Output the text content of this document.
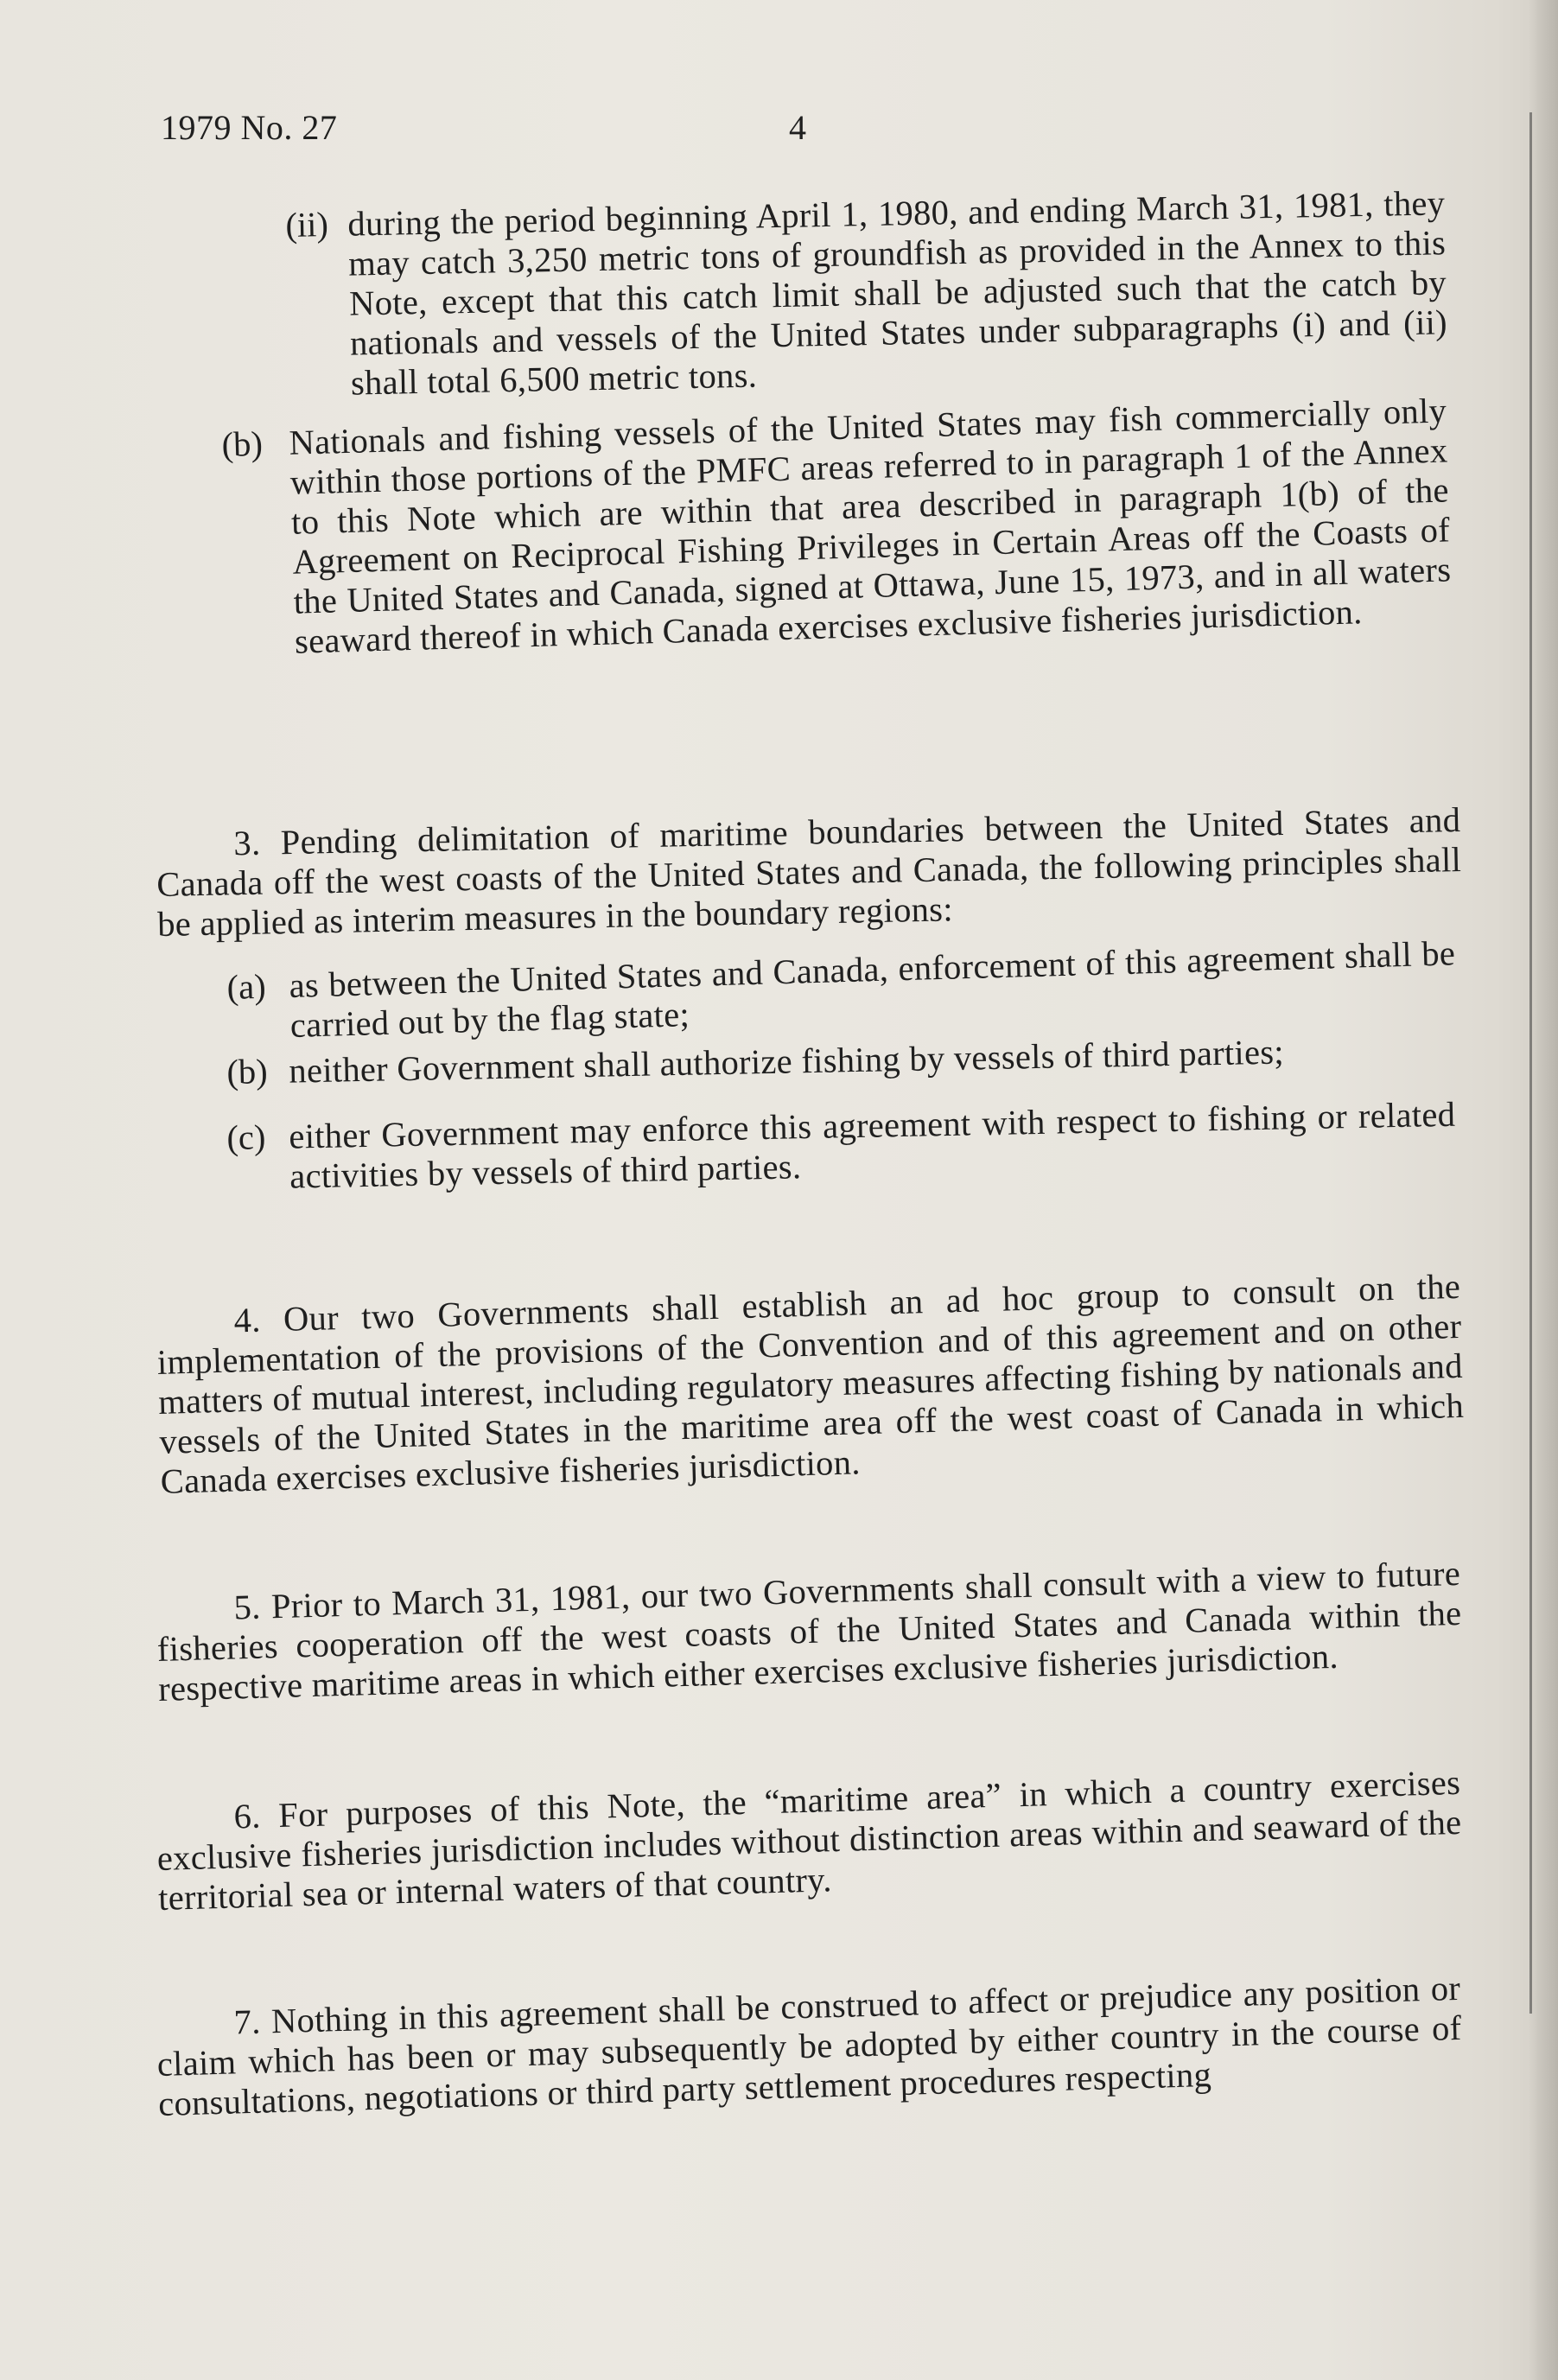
1979 No. 27	4
(ii) during the period beginning April 1, 1980, and ending March 31, 1981, they may catch 3,250 metric tons of groundfish as provided in the Annex to this Note, except that this catch limit shall be adjusted such that the catch by nationals and vessels of the United States under subparagraphs (i) and (ii) shall total 6,500 metric tons.
(b) Nationals and fishing vessels of the United States may fish commercially only within those portions of the PMFC areas referred to in paragraph 1 of the Annex to this Note which are within that area described in paragraph 1(b) of the Agreement on Reciprocal Fishing Privileges in Certain Areas off the Coasts of the United States and Canada, signed at Ottawa, June 15, 1973, and in all waters seaward thereof in which Canada exercises exclusive fisheries jurisdiction.
3. Pending delimitation of maritime boundaries between the United States and Canada off the west coasts of the United States and Canada, the following principles shall be applied as interim measures in the boundary regions:
(a) as between the United States and Canada, enforcement of this agreement shall be carried out by the flag state;
(b) neither Government shall authorize fishing by vessels of third parties;
(c) either Government may enforce this agreement with respect to fishing or related activities by vessels of third parties.
4. Our two Governments shall establish an ad hoc group to consult on the implementation of the provisions of the Convention and of this agreement and on other matters of mutual interest, including regulatory measures affecting fishing by nationals and vessels of the United States in the maritime area off the west coast of Canada in which Canada exercises exclusive fisheries jurisdiction.
5. Prior to March 31, 1981, our two Governments shall consult with a view to future fisheries cooperation off the west coasts of the United States and Canada within the respective maritime areas in which either exercises exclusive fisheries jurisdiction.
6. For purposes of this Note, the “maritime area” in which a country exercises exclusive fisheries jurisdiction includes without distinction areas within and seaward of the territorial sea or internal waters of that country.
7. Nothing in this agreement shall be construed to affect or prejudice any position or claim which has been or may subsequently be adopted by either country in the course of consultations, negotiations or third party settlement procedures respecting
